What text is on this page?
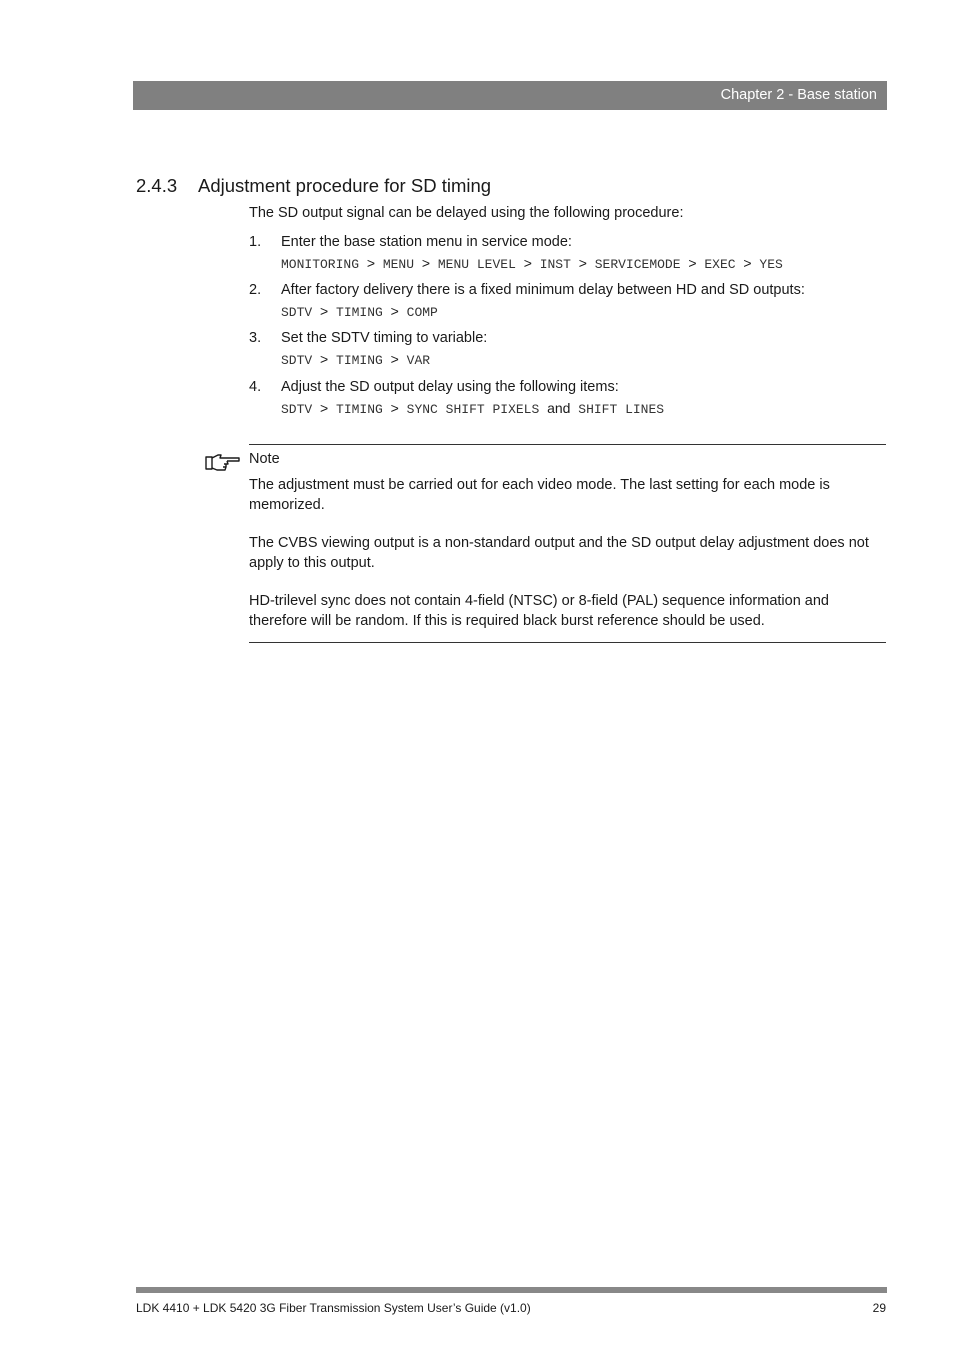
Chapter 2 - Base station
2.4.3 Adjustment procedure for SD timing
The SD output signal can be delayed using the following procedure:
1. Enter the base station menu in service mode:
MONITORING > MENU > MENU LEVEL > INST > SERVICEMODE > EXEC > YES
2. After factory delivery there is a fixed minimum delay between HD and SD outputs:
SDTV > TIMING > COMP
3. Set the SDTV timing to variable:
SDTV > TIMING > VAR
4. Adjust the SD output delay using the following items:
SDTV > TIMING > SYNC SHIFT PIXELS and SHIFT LINES
Note
The adjustment must be carried out for each video mode. The last setting for each mode is memorized.
The CVBS viewing output is a non-standard output and the SD output delay adjustment does not apply to this output.
HD-trilevel sync does not contain 4-field (NTSC) or 8-field (PAL) sequence information and therefore will be random. If this is required black burst reference should be used.
LDK 4410 + LDK 5420 3G Fiber Transmission System User’s Guide (v1.0)	29
